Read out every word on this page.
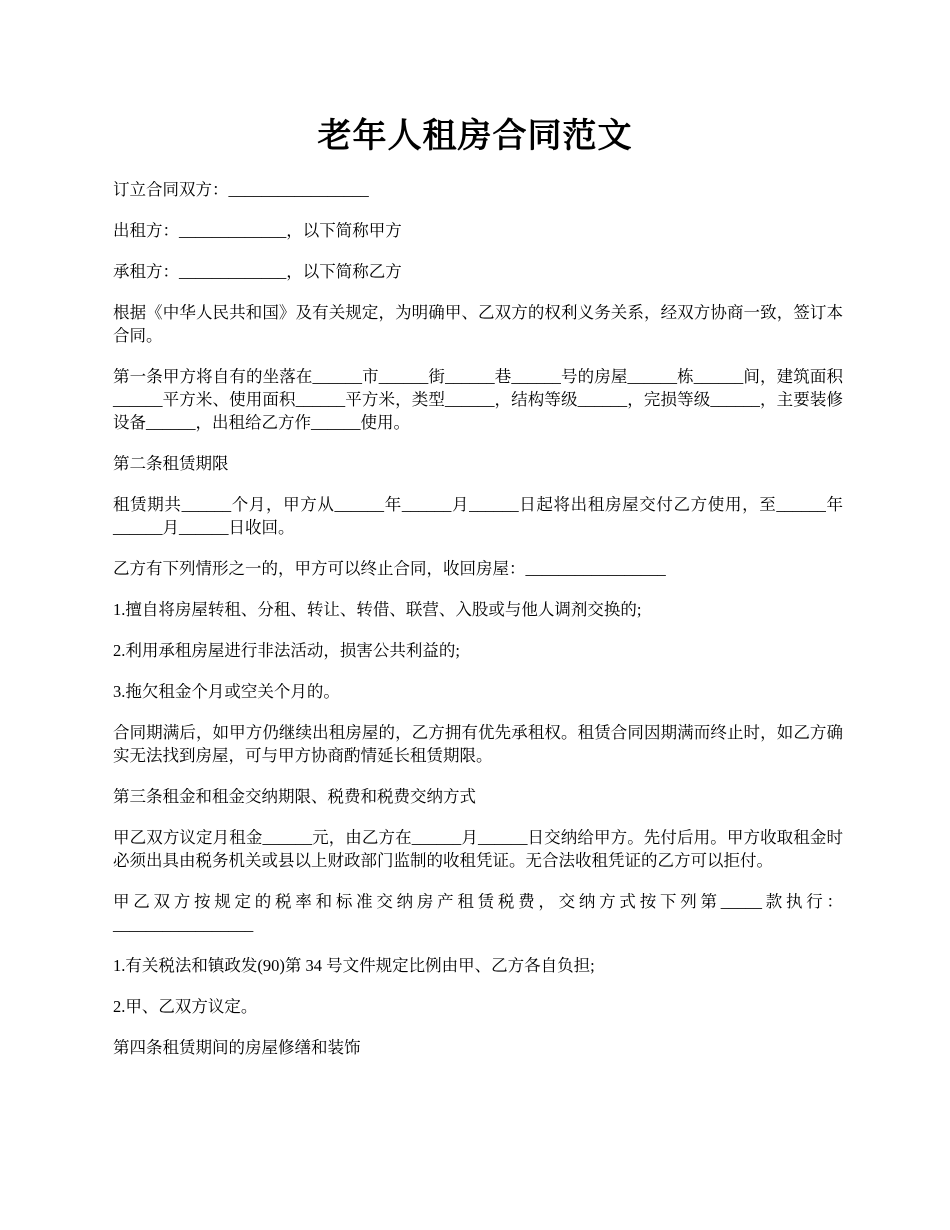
老年人租房合同范文

订立合同双方：_________________

出租方：_____________，以下简称甲方

承租方：_____________，以下简称乙方

根据《中华人民共和国》及有关规定，为明确甲、乙双方的权利义务关系，经双方协商一致，签订本合同。

第一条甲方将自有的坐落在______市______街______巷______号的房屋______栋______间，建筑面积______平方米、使用面积______平方米，类型______，结构等级______，完损等级______，主要装修设备______，出租给乙方作______使用。

第二条租赁期限

租赁期共______个月，甲方从______年______月______日起将出租房屋交付乙方使用，至______年______月______日收回。

乙方有下列情形之一的，甲方可以终止合同，收回房屋：_________________

1.擅自将房屋转租、分租、转让、转借、联营、入股或与他人调剂交换的;

2.利用承租房屋进行非法活动，损害公共利益的;

3.拖欠租金个月或空关个月的。

合同期满后，如甲方仍继续出租房屋的，乙方拥有优先承租权。租赁合同因期满而终止时，如乙方确实无法找到房屋，可与甲方协商酌情延长租赁期限。

第三条租金和租金交纳期限、税费和税费交纳方式

甲乙双方议定月租金______元，由乙方在______月______日交纳给甲方。先付后用。甲方收取租金时必须出具由税务机关或县以上财政部门监制的收租凭证。无合法收租凭证的乙方可以拒付。

甲乙双方按规定的税率和标准交纳房产租赁税费，交纳方式按下列第_____款执行：_________________

1.有关税法和镇政发(90)第 34 号文件规定比例由甲、乙方各自负担;

2.甲、乙双方议定。

第四条租赁期间的房屋修缮和装饰
